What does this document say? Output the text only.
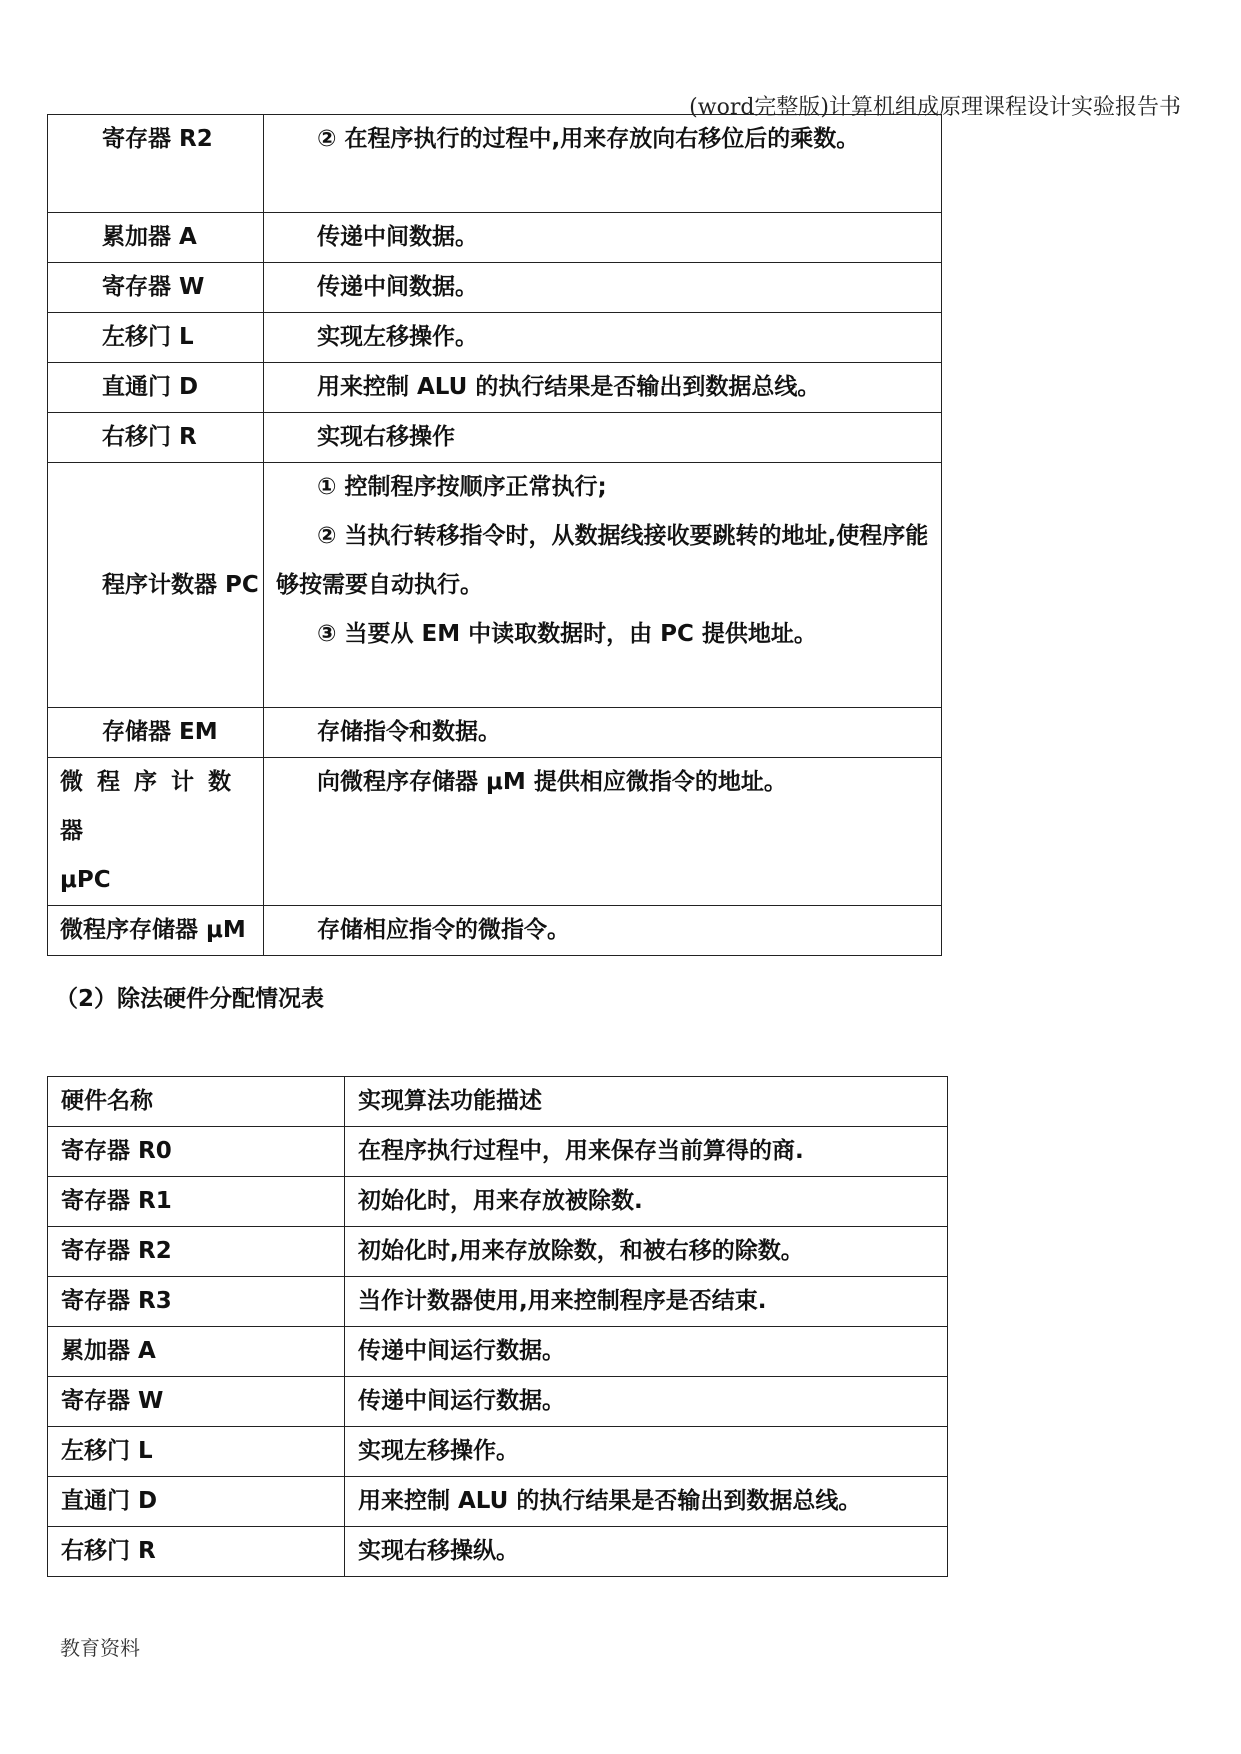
(word完整版)计算机组成原理课程设计实验报告书
寄存器 R2	② 在程序执行的过程中,用来存放向右移位后的乘数。
累加器 A	传递中间数据。
寄存器 W	传递中间数据。
左移门 L	实现左移操作。
直通门 D	用来控制 ALU 的执行结果是否输出到数据总线。
右移门 R	实现右移操作
程序计数器 PC	① 控制程序按顺序正常执行;
② 当执行转移指令时，从数据线接收要跳转的地址,使程序能够按需要自动执行。
③ 当要从 EM 中读取数据时，由 PC 提供地址。

存储器 EM	存储指令和数据。

微程序计数器
μPC	向微程序存储器 μM 提供相应微指令的地址。
微程序存储器 μM	存储相应指令的微指令。
（2）除法硬件分配情况表
硬件名称	实现算法功能描述
寄存器 R0	在程序执行过程中，用来保存当前算得的商.
寄存器 R1	初始化时，用来存放被除数.
寄存器 R2	初始化时,用来存放除数，和被右移的除数。
寄存器 R3	当作计数器使用,用来控制程序是否结束.
累加器 A	传递中间运行数据。
寄存器 W	传递中间运行数据。
左移门 L	实现左移操作。
直通门 D	用来控制 ALU 的执行结果是否输出到数据总线。
右移门 R	实现右移操纵。
教育资料
